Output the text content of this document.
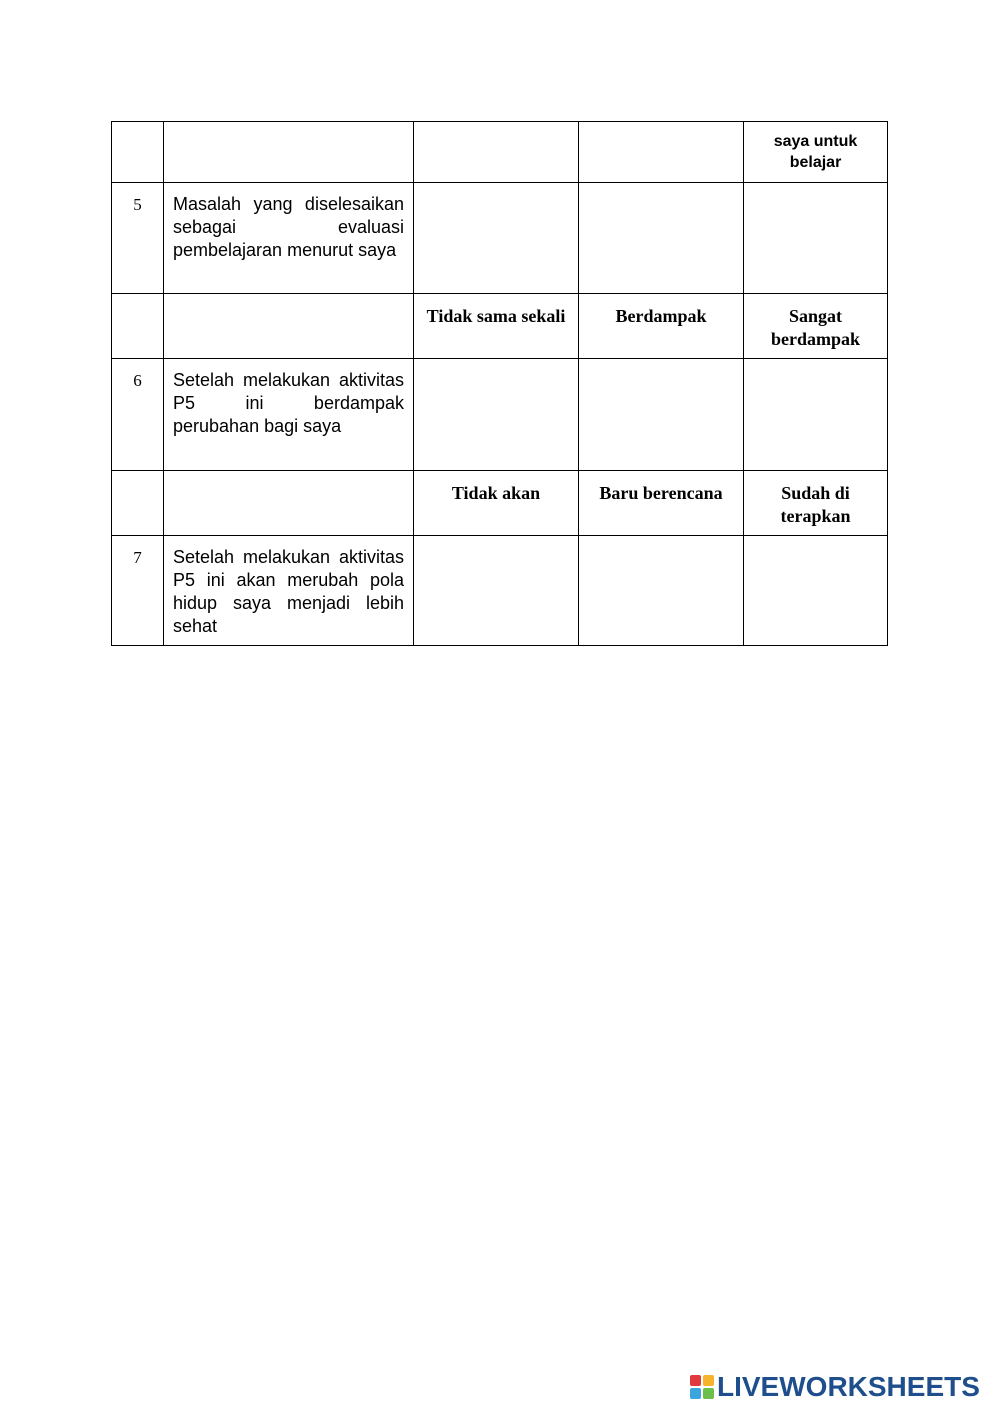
				saya untuk belajar
5	Masalah yang diselesaikan sebagai evaluasi pembelajaran menurut saya			
		Tidak sama sekali	Berdampak	Sangat berdampak
6	Setelah melakukan aktivitas P5 ini berdampak perubahan bagi saya			
		Tidak akan	Baru berencana	Sudah di terapkan
7	Setelah melakukan aktivitas P5 ini akan merubah pola hidup saya menjadi lebih sehat			
LIVEWORKSHEETS
